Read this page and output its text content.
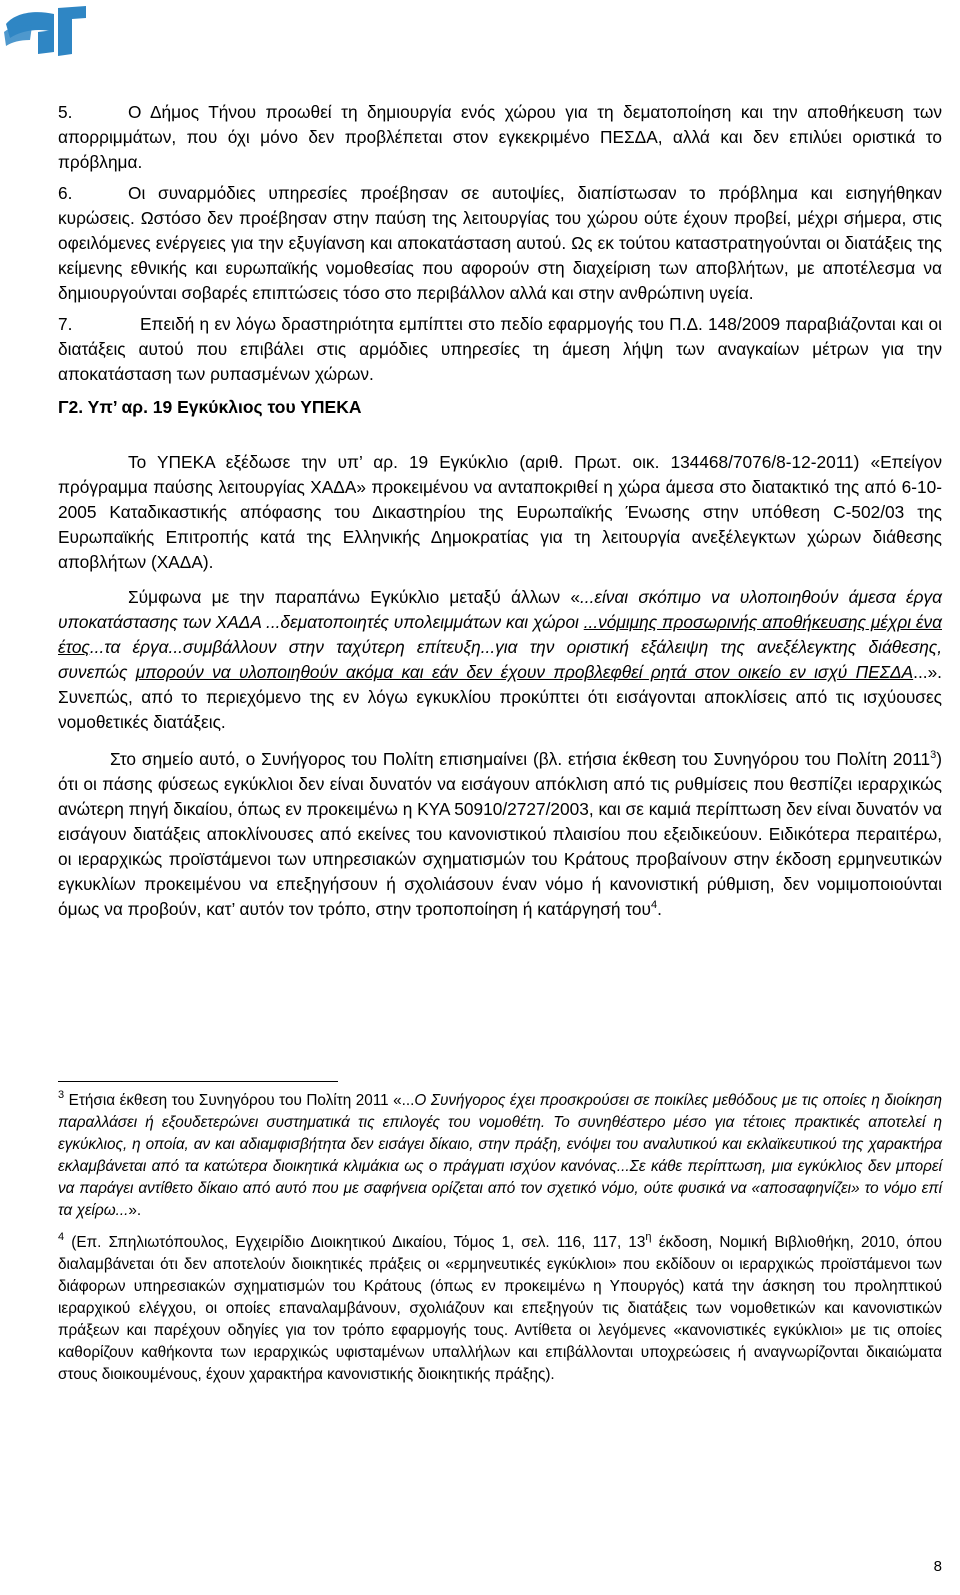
5.	Ο Δήμος Τήνου προωθεί τη δημιουργία ενός χώρου για τη δεματοποίηση και την αποθήκευση των απορριμμάτων, που όχι μόνο δεν προβλέπεται στον εγκεκριμένο ΠΕΣΔΑ, αλλά και δεν επιλύει οριστικά το πρόβλημα.

6.	Οι συναρμόδιες υπηρεσίες προέβησαν σε αυτοψίες, διαπίστωσαν το πρόβλημα και εισηγήθηκαν κυρώσεις. Ωστόσο δεν προέβησαν στην παύση της λειτουργίας του χώρου ούτε έχουν προβεί, μέχρι σήμερα, στις οφειλόμενες ενέργειες για την εξυγίανση και αποκατάσταση αυτού. Ως εκ τούτου καταστρατηγούνται οι διατάξεις της κείμενης εθνικής και ευρωπαϊκής νομοθεσίας που αφορούν στη διαχείριση των αποβλήτων, με αποτέλεσμα να δημιουργούνται σοβαρές επιπτώσεις τόσο στο περιβάλλον αλλά και στην ανθρώπινη υγεία.

7.	Επειδή η εν λόγω δραστηριότητα εμπίπτει στο πεδίο εφαρμογής του Π.Δ. 148/2009 παραβιάζονται και οι διατάξεις αυτού που επιβάλει στις αρμόδιες υπηρεσίες τη άμεση λήψη των αναγκαίων μέτρων για την αποκατάσταση των ρυπασμένων χώρων.

Γ2. Υπ’ αρ. 19 Εγκύκλιος του ΥΠΕΚΑ

Το ΥΠΕΚΑ εξέδωσε την υπ’ αρ. 19 Εγκύκλιο (αριθ. Πρωτ. οικ. 134468/7076/8-12-2011) «Επείγον πρόγραμμα παύσης λειτουργίας ΧΑΔΑ» προκειμένου να ανταποκριθεί η χώρα άμεσα στο διατακτικό της από 6-10-2005 Καταδικαστικής απόφασης του Δικαστηρίου της Ευρωπαϊκής Ένωσης στην υπόθεση C-502/03 της Ευρωπαϊκής Επιτροπής κατά της Ελληνικής Δημοκρατίας για τη λειτουργία ανεξέλεγκτων χώρων διάθεσης αποβλήτων (ΧΑΔΑ).

Σύμφωνα με την παραπάνω Εγκύκλιο μεταξύ άλλων «...είναι σκόπιμο να υλοποιηθούν άμεσα έργα υποκατάστασης των ΧΑΔΑ ...δεματοποιητές υπολειμμάτων και χώροι ...νόμιμης προσωρινής αποθήκευσης μέχρι ένα έτος...τα έργα...συμβάλλουν στην ταχύτερη επίτευξη...για την οριστική εξάλειψη της ανεξέλεγκτης διάθεσης, συνεπώς μπορούν να υλοποιηθούν ακόμα και εάν δεν έχουν προβλεφθεί ρητά στον οικείο εν ισχύ ΠΕΣΔΑ...». Συνεπώς, από το περιεχόμενο της εν λόγω εγκυκλίου προκύπτει ότι εισάγονται αποκλίσεις από τις ισχύουσες νομοθετικές διατάξεις.

Στο σημείο αυτό, ο Συνήγορος του Πολίτη επισημαίνει (βλ. ετήσια έκθεση του Συνηγόρου του Πολίτη 2011$^3$) ότι οι πάσης φύσεως εγκύκλιοι δεν είναι δυνατόν να εισάγουν απόκλιση από τις ρυθμίσεις που θεσπίζει ιεραρχικώς ανώτερη πηγή δικαίου, όπως εν προκειμένω η ΚΥΑ 50910/2727/2003, και σε καμιά περίπτωση δεν είναι δυνατόν να εισάγουν διατάξεις αποκλίνουσες από εκείνες του κανονιστικού πλαισίου που εξειδικεύουν. Ειδικότερα περαιτέρω, οι ιεραρχικώς προϊστάμενοι των υπηρεσιακών σχηματισμών του Κράτους προβαίνουν στην έκδοση ερμηνευτικών εγκυκλίων προκειμένου να επεξηγήσουν ή σχολιάσουν έναν νόμο ή κανονιστική ρύθμιση, δεν νομιμοποιούνται όμως να προβούν, κατ’ αυτόν τον τρόπο, στην τροποποίηση ή κατάργησή του$^4$.

$^3$ Ετήσια έκθεση του Συνηγόρου του Πολίτη 2011 «...Ο Συνήγορος έχει προσκρούσει σε ποικίλες μεθόδους με τις οποίες η διοίκηση παραλλάσει ή εξουδετερώνει συστηματικά τις επιλογές του νομοθέτη. Το συνηθέστερο μέσο για τέτοιες πρακτικές αποτελεί η εγκύκλιος, η οποία, αν και αδιαμφισβήτητα δεν εισάγει δίκαιο, στην πράξη, ενόψει του αναλυτικού και εκλαϊκευτικού της χαρακτήρα εκλαμβάνεται από τα κατώτερα διοικητικά κλιμάκια ως ο πράγματι ισχύον κανόνας...Σε κάθε περίπτωση, μια εγκύκλιος δεν μπορεί να παράγει αντίθετο δίκαιο από αυτό που με σαφήνεια ορίζεται από τον σχετικό νόμο, ούτε φυσικά να «αποσαφηνίζει» το νόμο επί τα χείρω...».

$^4$ (Επ. Σπηλιωτόπουλος, Εγχειρίδιο Διοικητικού Δικαίου, Τόμος 1, σελ. 116, 117, $13^\eta$ έκδοση, Νομική Βιβλιοθήκη, 2010, όπου διαλαμβάνεται ότι δεν αποτελούν διοικητικές πράξεις οι «ερμηνευτικές εγκύκλιοι» που εκδίδουν οι ιεραρχικώς προϊστάμενοι των διάφορων υπηρεσιακών σχηματισμών του Κράτους (όπως εν προκειμένω η Υπουργός) κατά την άσκηση του προληπτικού ιεραρχικού ελέγχου, οι οποίες επαναλαμβάνουν, σχολιάζουν και επεξηγούν τις διατάξεις των νομοθετικών και κανονιστικών πράξεων και παρέχουν οδηγίες για τον τρόπο εφαρμογής τους. Αντίθετα οι λεγόμενες «κανονιστικές εγκύκλιοι» με τις οποίες καθορίζουν καθήκοντα των ιεραρχικώς υφισταμένων υπαλλήλων και επιβάλλονται υποχρεώσεις ή αναγνωρίζονται δικαιώματα στους διοικουμένους, έχουν χαρακτήρα κανονιστικής διοικητικής πράξης).

8
